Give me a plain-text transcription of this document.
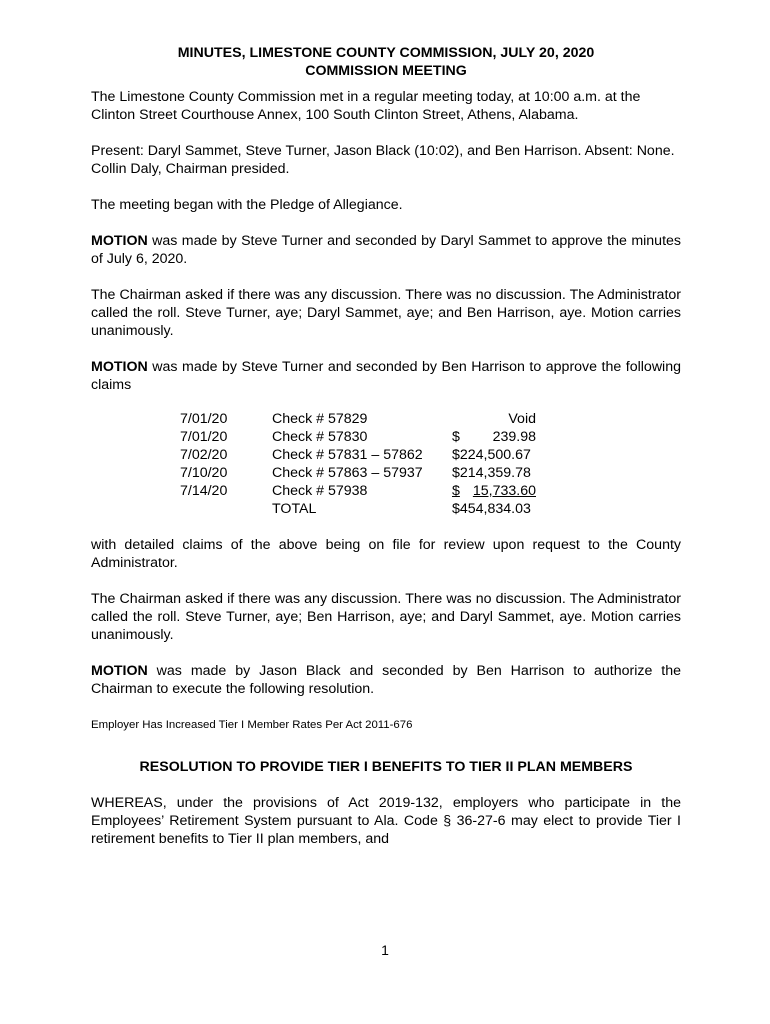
MINUTES, LIMESTONE COUNTY COMMISSION, JULY 20, 2020
COMMISSION MEETING

The Limestone County Commission met in a regular meeting today, at 10:00 a.m. at the Clinton Street Courthouse Annex, 100 South Clinton Street, Athens, Alabama.

Present: Daryl Sammet, Steve Turner, Jason Black (10:02), and Ben Harrison. Absent: None. Collin Daly, Chairman presided.

The meeting began with the Pledge of Allegiance.

MOTION was made by Steve Turner and seconded by Daryl Sammet to approve the minutes of July 6, 2020.

The Chairman asked if there was any discussion. There was no discussion. The Administrator called the roll. Steve Turner, aye; Daryl Sammet, aye; and Ben Harrison, aye. Motion carries unanimously.

MOTION was made by Steve Turner and seconded by Ben Harrison to approve the following claims

7/01/20	Check # 57829	Void
7/01/20	Check # 57830	$ 239.98

7/02/20	Check # 57831 – 57862	$224,500.67
7/10/20	Check # 57863 – 57937	$214,359.78
7/14/20	Check # 57938	$ 15,733.60

	TOTAL	$454,834.03

with detailed claims of the above being on file for review upon request to the County Administrator.

The Chairman asked if there was any discussion. There was no discussion. The Administrator called the roll. Steve Turner, aye; Ben Harrison, aye; and Daryl Sammet, aye. Motion carries unanimously.

MOTION was made by Jason Black and seconded by Ben Harrison to authorize the Chairman to execute the following resolution.

Employer Has Increased Tier I Member Rates Per Act 2011-676
RESOLUTION TO PROVIDE TIER I BENEFITS TO TIER II PLAN MEMBERS

WHEREAS, under the provisions of Act 2019-132, employers who participate in the Employees’ Retirement System pursuant to Ala. Code § 36-27-6 may elect to provide Tier I retirement benefits to Tier II plan members, and

1
